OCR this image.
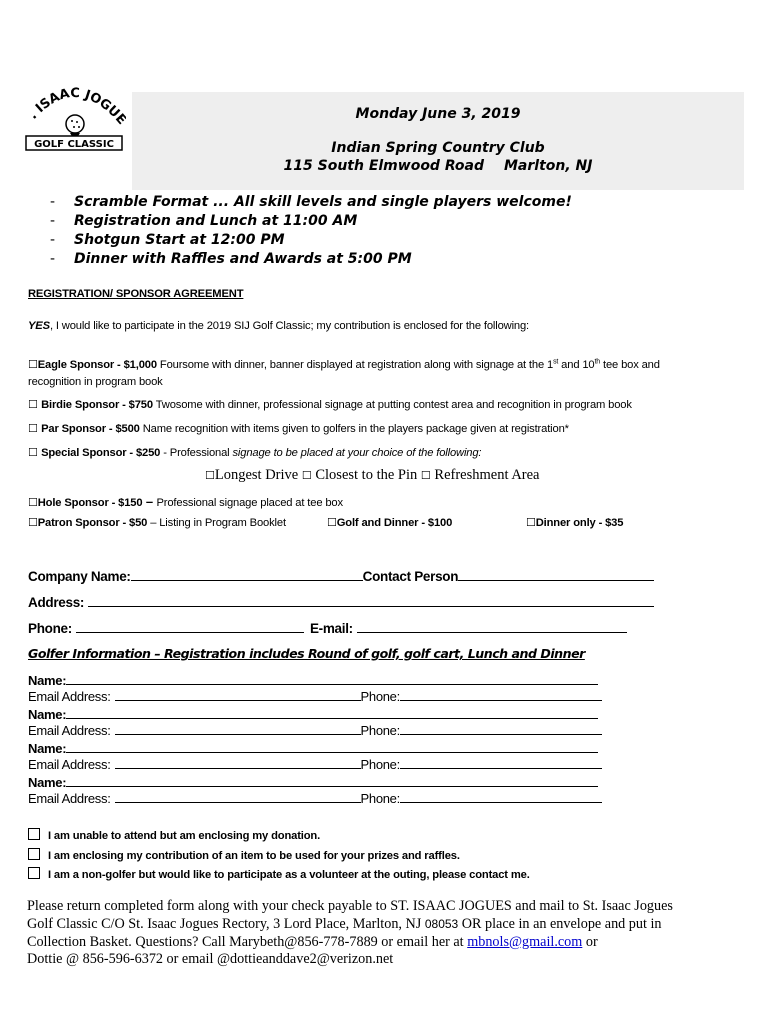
. ISAAC JOGU
GOLF CLASSIC
Monday June 3, 2019
Indian Spring Country Club
115 South Elmwood Road Marlton, NJ
- Scramble Format ... All skill levels and single players welcome!
- Registration and Lunch at 11:00 AM
- Shotgun Start at 12:00 PM
- Dinner with Raffles and Awards at 5:00 PM
REGISTRATION/ SPONSOR AGREEMENT
YES, I would like to participate in the 2019 SIJ Golf Classic; my contribution is enclosed for the following:
☐Eagle Sponsor - $1,000 Foursome with dinner, banner displayed at registration along with signage at the 1st and 10th tee box and
recognition in program book
☐ Birdie Sponsor - $750 Twosome with dinner, professional signage at putting contest area and recognition in program book
☐ Par Sponsor - $500 Name recognition with items given to golfers in the players package given at registration*
☐ Special Sponsor - $250 - Professional signage to be placed at your choice of the following:
☐Longest Drive ☐ Closest to the Pin ☐ Refreshment Area
☐Hole Sponsor - $150 – Professional signage placed at tee box
☐Patron Sponsor - $50 – Listing in Program Booklet	☐Golf and Dinner - $100	☐Dinner only - $35
Company Name:	Contact Person
Address:
Phone:	E-mail:
Golfer Information – Registration includes Round of golf, golf cart, Lunch and Dinner
Name:
Email Address:	Phone:
Name:
Email Address:	Phone:
Name:
Email Address:	Phone:
Name:
Email Address:	Phone:
I am unable to attend but am enclosing my donation.
I am enclosing my contribution of an item to be used for your prizes and raffles.
I am a non-golfer but would like to participate as a volunteer at the outing, please contact me.
Please return completed form along with your check payable to ST. ISAAC JOGUES and mail to St. Isaac Jogues
Golf Classic C/O St. Isaac Jogues Rectory, 3 Lord Place, Marlton, NJ 08053 OR place in an envelope and put in
Collection Basket. Questions? Call Marybeth@856-778-7889 or email her at mbnols@gmail.com or
Dottie @ 856-596-6372 or email @dottieanddave2@verizon.net
